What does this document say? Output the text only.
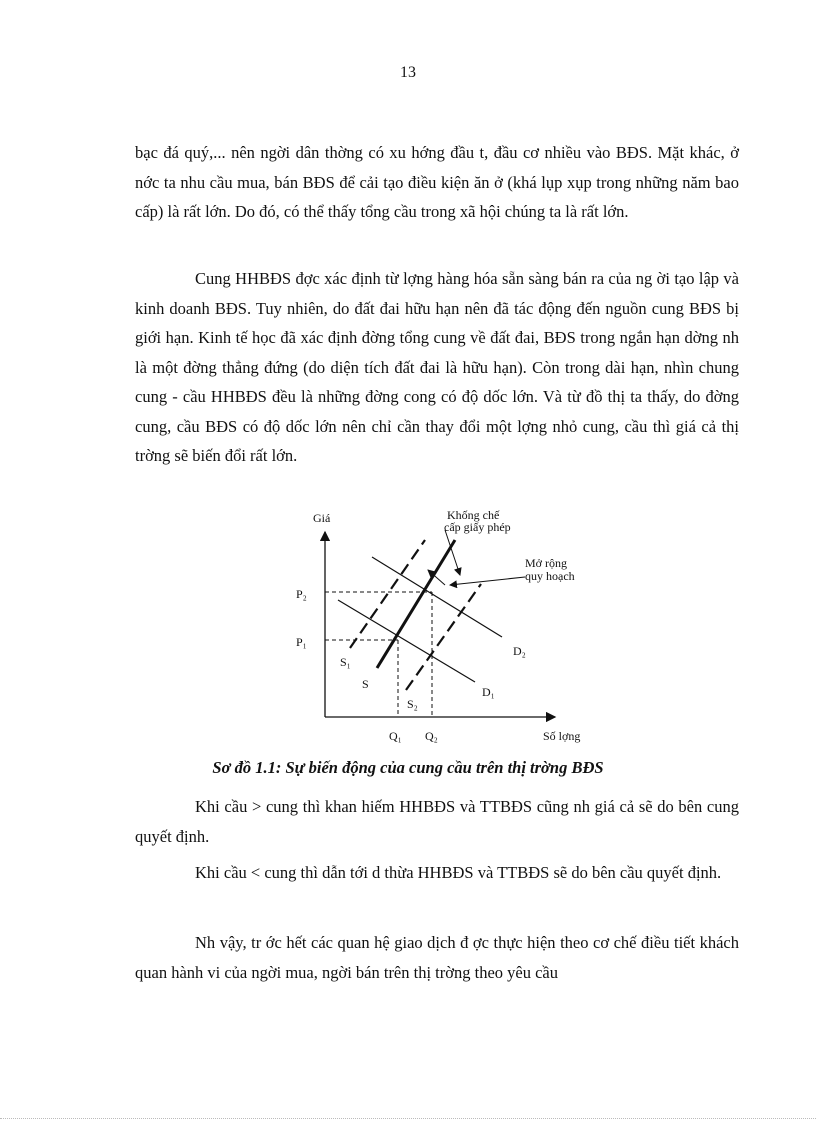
13

bạc đá quý,... nên ngời dân thờng có xu hớng đầu t, đầu cơ nhiều vào BĐS. Mặt khác, ở nớc ta nhu cầu mua, bán BĐS để cải tạo điều kiện ăn ở (khá lụp xụp trong những năm bao cấp) là rất lớn. Do đó, có thể thấy tổng cầu trong xã hội chúng ta là rất lớn.

Cung HHBĐS đợc xác định từ lợng hàng hóa sẵn sàng bán ra của ng ời tạo lập và kinh doanh BĐS. Tuy nhiên, do đất đai hữu hạn nên đã tác động đến nguồn cung BĐS bị giới hạn. Kinh tế học đã xác định đờng tổng cung về đất đai, BĐS trong ngắn hạn dờng nh là một đờng thẳng đứng (do diện tích đất đai là hữu hạn). Còn trong dài hạn, nhìn chung cung - cầu HHBĐS đều là những đờng cong có độ dốc lớn. Và từ đồ thị ta thấy, do đờng cung, cầu BĐS có độ dốc lớn nên chỉ cần thay đổi một lợng nhỏ cung, cầu thì giá cả thị trờng sẽ biến đổi rất lớn.

Giá
Số lợng
D₁
D₂
S
S₁
S₂
P₁
P₂
Q₁ Q₂
Khống chế
cấp giấy phép
Mở rộng
quy hoạch
Sơ đồ 1.1: Sự biến động của cung cầu trên thị trờng BĐS

Khi cầu > cung thì khan hiếm HHBĐS và TTBĐS cũng nh giá cả sẽ do bên cung quyết định.

Khi cầu < cung thì dẫn tới d thừa HHBĐS và TTBĐS sẽ do bên cầu quyết định.

Nh vậy, tr ớc hết các quan hệ giao dịch đ ợc thực hiện theo cơ chế điều tiết khách quan hành vi của ngời mua, ngời bán trên thị trờng theo yêu cầu
